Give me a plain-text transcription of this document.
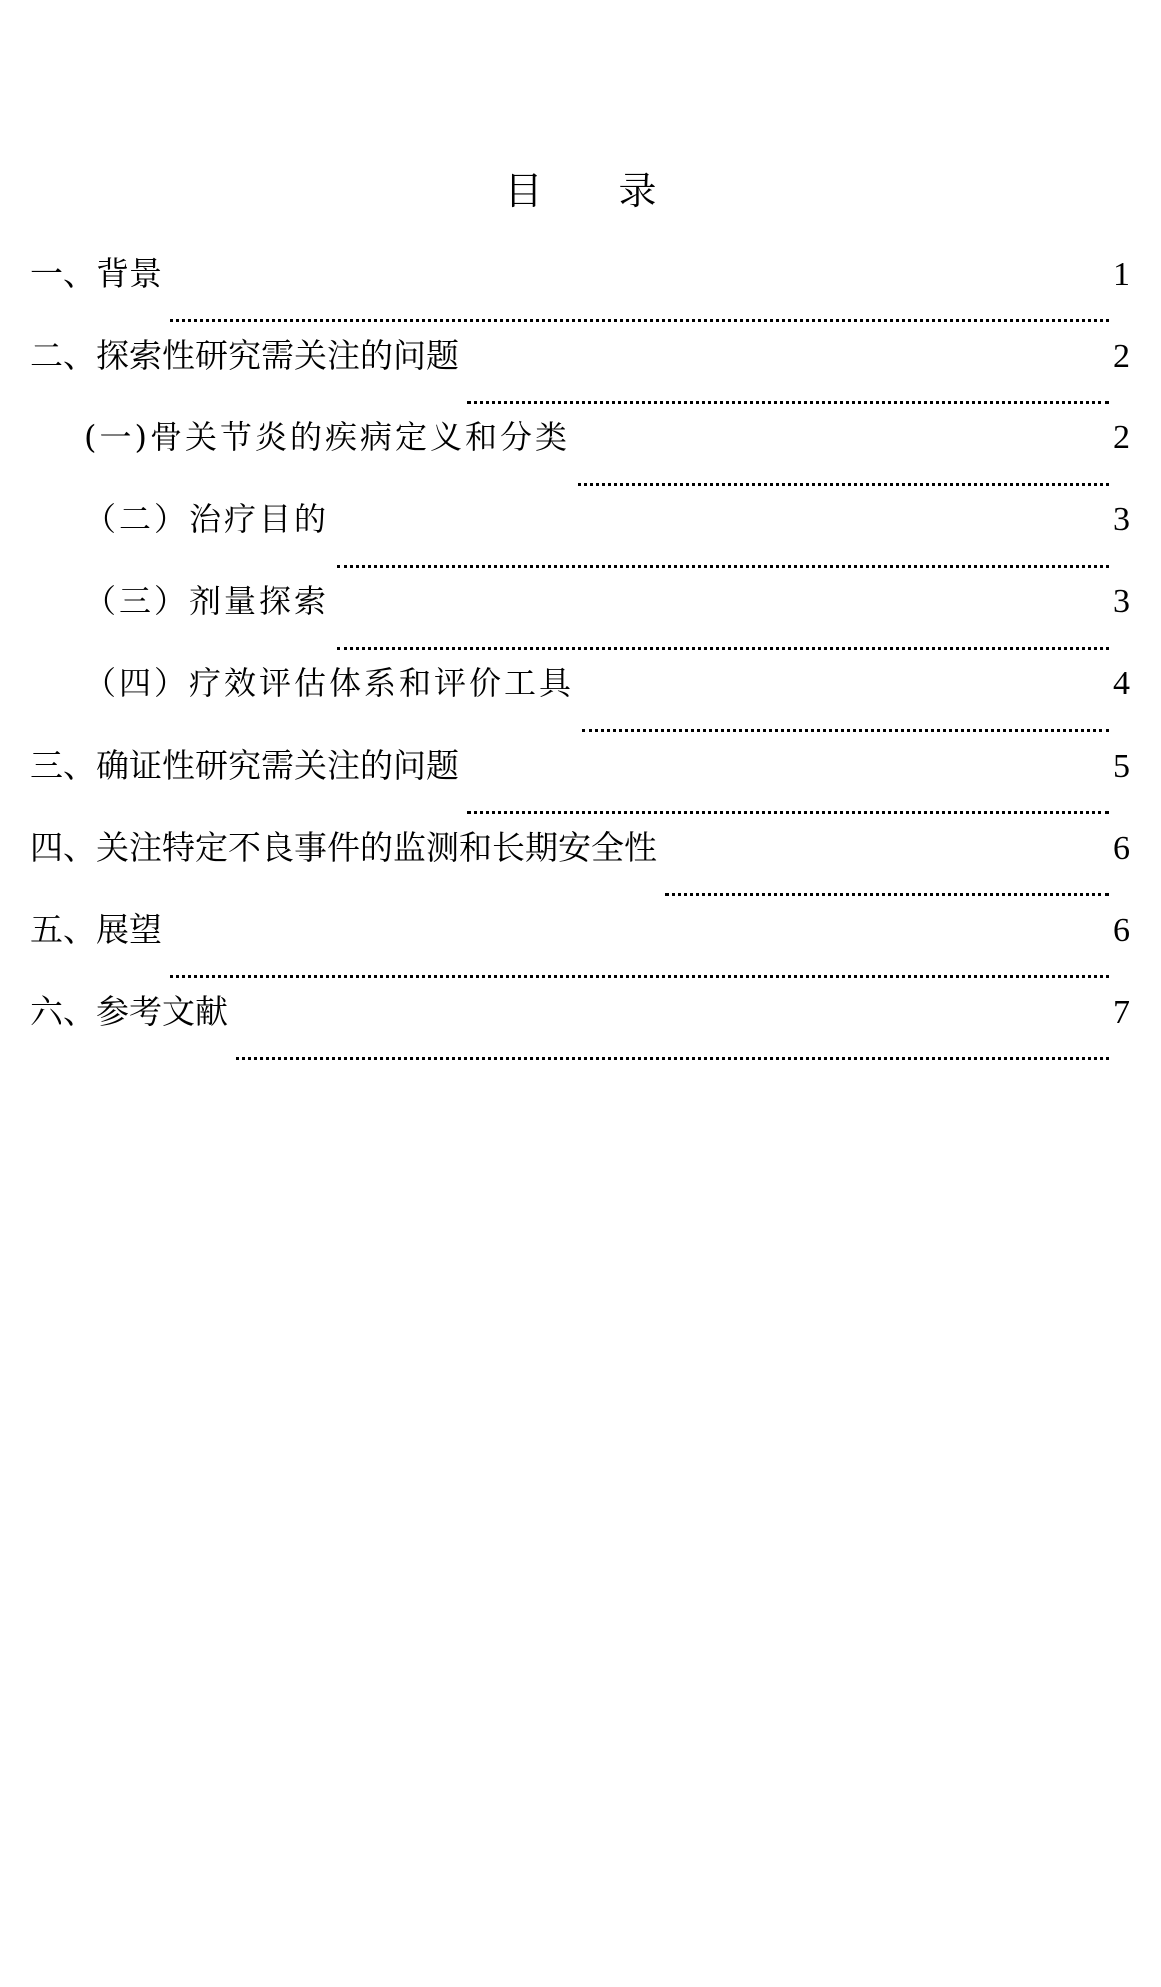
目 录
一、背景	1
二、探索性研究需关注的问题	2
(一)骨关节炎的疾病定义和分类	2
（二）治疗目的	3
（三）剂量探索	3
（四）疗效评估体系和评价工具	4
三、确证性研究需关注的问题	5
四、关注特定不良事件的监测和长期安全性	6
五、展望	6
六、参考文献	7
